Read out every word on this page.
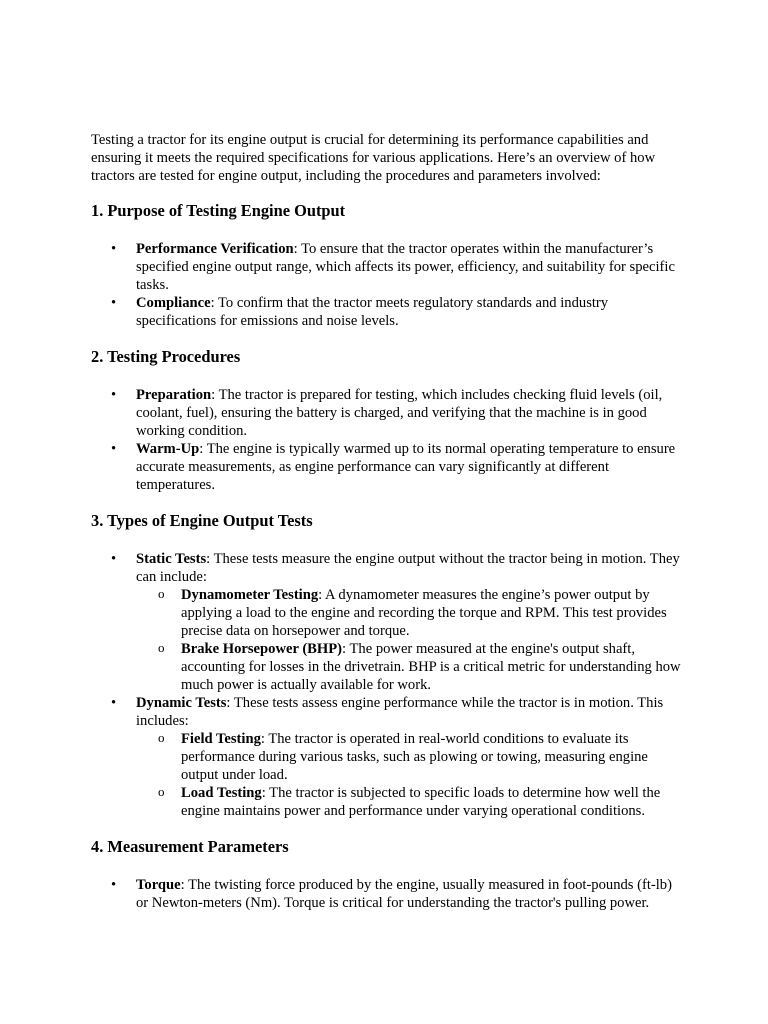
Testing a tractor for its engine output is crucial for determining its performance capabilities and ensuring it meets the required specifications for various applications. Here’s an overview of how tractors are tested for engine output, including the procedures and parameters involved:

1. Purpose of Testing Engine Output
• Performance Verification: To ensure that the tractor operates within the manufacturer’s specified engine output range, which affects its power, efficiency, and suitability for specific tasks.
• Compliance: To confirm that the tractor meets regulatory standards and industry specifications for emissions and noise levels.
2. Testing Procedures
• Preparation: The tractor is prepared for testing, which includes checking fluid levels (oil, coolant, fuel), ensuring the battery is charged, and verifying that the machine is in good working condition.
• Warm-Up: The engine is typically warmed up to its normal operating temperature to ensure accurate measurements, as engine performance can vary significantly at different temperatures.
3. Types of Engine Output Tests
• Static Tests: These tests measure the engine output without the tractor being in motion. They can include:
o Dynamometer Testing: A dynamometer measures the engine’s power output by applying a load to the engine and recording the torque and RPM. This test provides precise data on horsepower and torque.
o Brake Horsepower (BHP): The power measured at the engine's output shaft, accounting for losses in the drivetrain. BHP is a critical metric for understanding how much power is actually available for work.
• Dynamic Tests: These tests assess engine performance while the tractor is in motion. This includes:
o Field Testing: The tractor is operated in real-world conditions to evaluate its performance during various tasks, such as plowing or towing, measuring engine output under load.
o Load Testing: The tractor is subjected to specific loads to determine how well the engine maintains power and performance under varying operational conditions.
4. Measurement Parameters
• Torque: The twisting force produced by the engine, usually measured in foot-pounds (ft-lb) or Newton-meters (Nm). Torque is critical for understanding the tractor's pulling power.
